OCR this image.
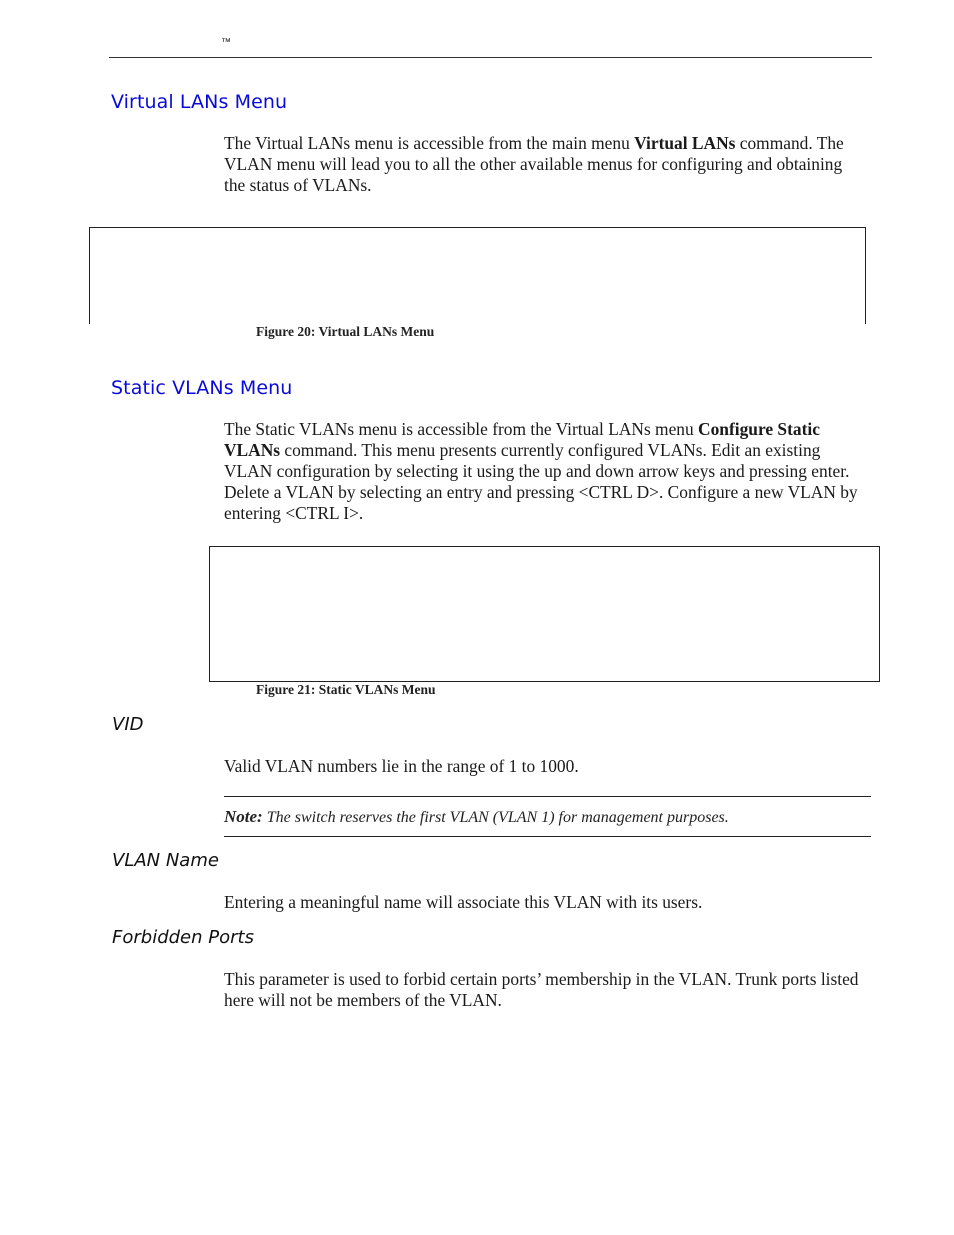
™
Virtual LANs Menu

The Virtual LANs menu is accessible from the main menu Virtual LANs command. The VLAN menu will lead you to all the other available menus for configuring and obtaining the status of VLANs.

Figure 20: Virtual LANs Menu
Static VLANs Menu

The Static VLANs menu is accessible from the Virtual LANs menu Configure Static VLANs command. This menu presents currently configured VLANs. Edit an existing VLAN configuration by selecting it using the up and down arrow keys and pressing enter. Delete a VLAN by selecting an entry and pressing <CTRL D>. Configure a new VLAN by entering <CTRL I>.

Figure 21: Static VLANs Menu
VID

Valid VLAN numbers lie in the range of 1 to 1000.

Note: The switch reserves the first VLAN (VLAN 1) for management purposes.
VLAN Name

Entering a meaningful name will associate this VLAN with its users.

Forbidden Ports

This parameter is used to forbid certain ports’ membership in the VLAN. Trunk ports listed here will not be members of the VLAN.
